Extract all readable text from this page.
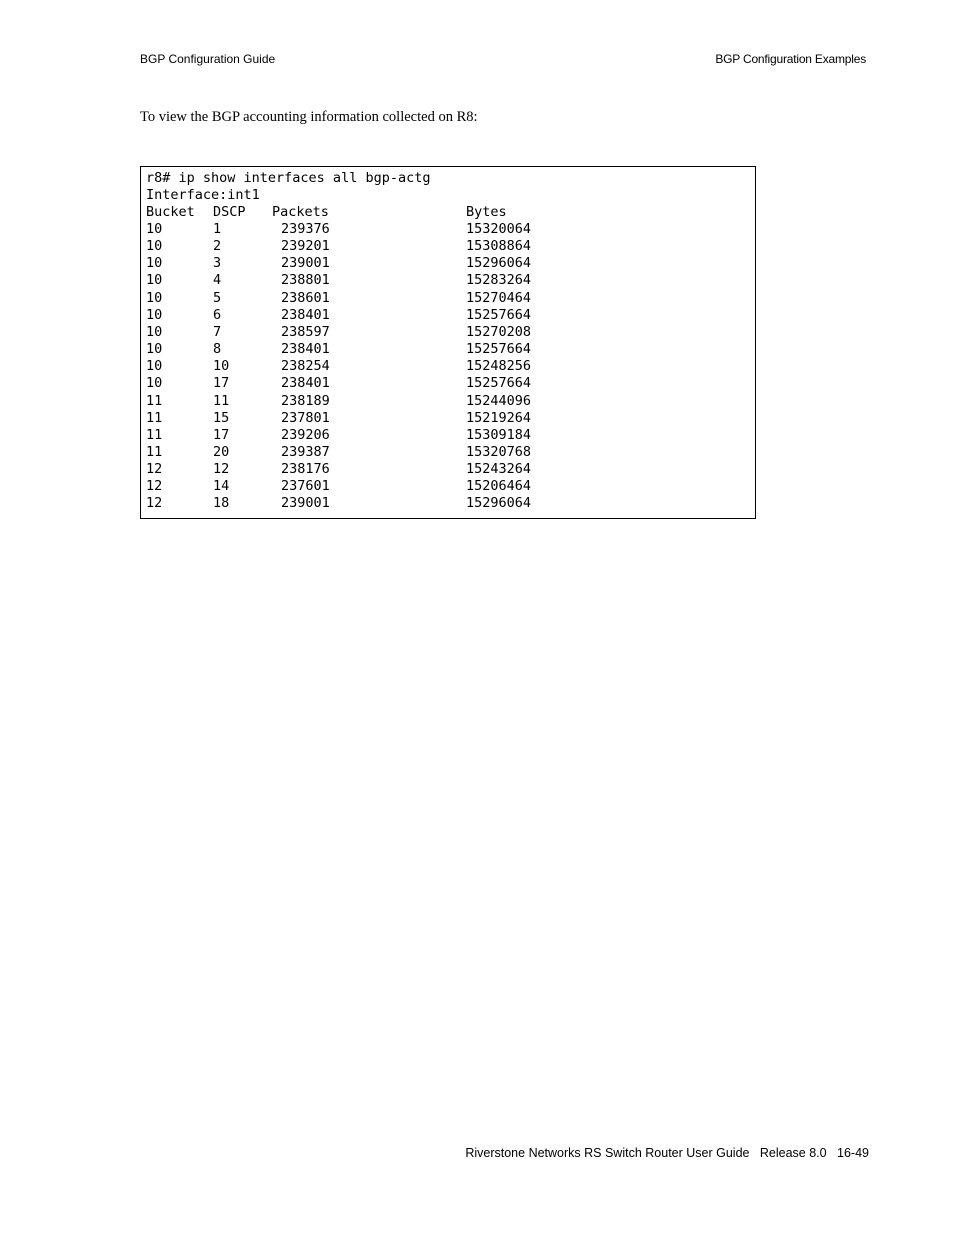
BGP Configuration Guide	BGP Configuration Examples
To view the BGP accounting information collected on R8:
r8# ip show interfaces all bgp-actg
Interface:int1
Bucket DSCP Packets	Bytes
10	1	239376	15320064
10	2	239201	15308864
10	3	239001	15296064
10	4	238801	15283264
10	5	238601	15270464
10	6	238401	15257664
10	7	238597	15270208
10	8	238401	15257664
10	10	238254	15248256
10	17	238401	15257664
11	11	238189	15244096
11	15	237801	15219264
11	17	239206	15309184
11	20	239387	15320768
12	12	238176	15243264
12	14	237601	15206464
12	18	239001	15296064
Riverstone Networks RS Switch Router User Guide   Release 8.0   16-49
